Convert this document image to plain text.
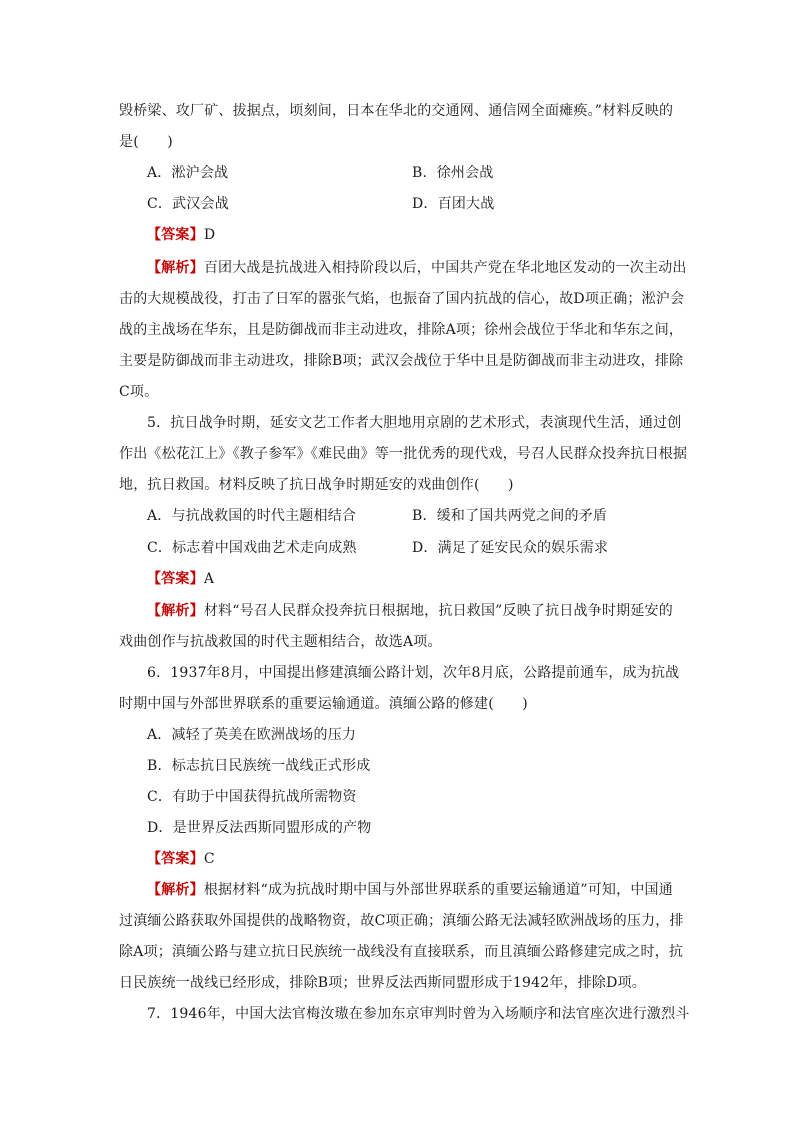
毁桥梁、攻厂矿、拔据点，顷刻间，日本在华北的交通网、通信网全面瘫痪。”材料反映的
是(　　)
A．淞沪会战	B．徐州会战
C．武汉会战	D．百团大战
【答案】D
【解析】百团大战是抗战进入相持阶段以后，中国共产党在华北地区发动的一次主动出
击的大规模战役，打击了日军的嚣张气焰，也振奋了国内抗战的信心，故D项正确；淞沪会
战的主战场在华东，且是防御战而非主动进攻，排除A项；徐州会战位于华北和华东之间，
主要是防御战而非主动进攻，排除B项；武汉会战位于华中且是防御战而非主动进攻，排除
C项。
5．抗日战争时期，延安文艺工作者大胆地用京剧的艺术形式，表演现代生活，通过创
作出《松花江上》《教子参军》《难民曲》等一批优秀的现代戏，号召人民群众投奔抗日根据
地，抗日救国。材料反映了抗日战争时期延安的戏曲创作(　　)
A．与抗战救国的时代主题相结合	B．缓和了国共两党之间的矛盾
C．标志着中国戏曲艺术走向成熟	D．满足了延安民众的娱乐需求
【答案】A
【解析】材料“号召人民群众投奔抗日根据地，抗日救国”反映了抗日战争时期延安的
戏曲创作与抗战救国的时代主题相结合，故选A项。
6．1937年8月，中国提出修建滇缅公路计划，次年8月底，公路提前通车，成为抗战
时期中国与外部世界联系的重要运输通道。滇缅公路的修建(　　)
A．减轻了英美在欧洲战场的压力
B．标志抗日民族统一战线正式形成
C．有助于中国获得抗战所需物资
D．是世界反法西斯同盟形成的产物
【答案】C
【解析】根据材料“成为抗战时期中国与外部世界联系的重要运输通道”可知，中国通
过滇缅公路获取外国提供的战略物资，故C项正确；滇缅公路无法减轻欧洲战场的压力，排
除A项；滇缅公路与建立抗日民族统一战线没有直接联系，而且滇缅公路修建完成之时，抗
日民族统一战线已经形成，排除B项；世界反法西斯同盟形成于1942年，排除D项。
7．1946年，中国大法官梅汝璈在参加东京审判时曾为入场顺序和法官座次进行激烈斗
